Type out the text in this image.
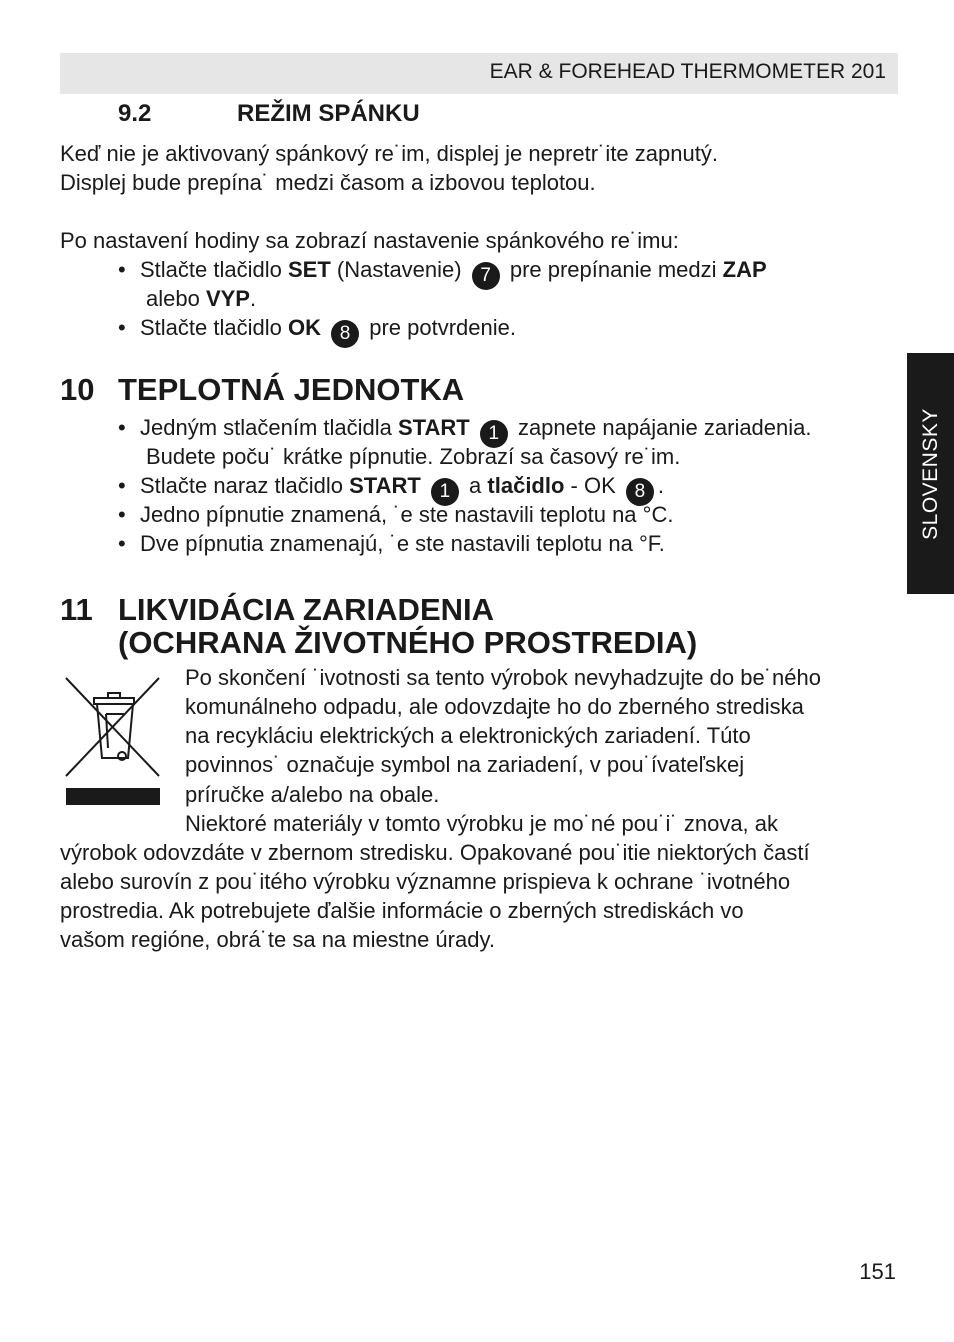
EAR & FOREHEAD THERMOMETER 201
SLOVENSKY
9.2	REŽIM SPÁNKU
Keď nie je aktivovaný spánkový re˙im, displej je nepretr˙ite zapnutý.
Displej bude prepína˙ medzi časom a izbovou teplotou.
Po nastavení hodiny sa zobrazí nastavenie spánkového re˙imu:
• Stlačte tlačidlo SET (Nastavenie) 7 pre prepínanie medzi ZAP
alebo VYP.
• Stlačte tlačidlo OK 8 pre potvrdenie.
10 TEPLOTNÁ JEDNOTKA
• Jedným stlačením tlačidla START 1 zapnete napájanie zariadenia.
Budete poču˙ krátke pípnutie. Zobrazí sa časový re˙im.
• Stlačte naraz tlačidlo START 1 a tlačidlo - OK 8 .
• Jedno pípnutie znamená, ˙e ste nastavili teplotu na °C.
• Dve pípnutia znamenajú, ˙e ste nastavili teplotu na °F.
11 LIKVIDÁCIA ZARIADENIA
(OCHRANA ŽIVOTNÉHO PROSTREDIA)
Po skončení ˙ivotnosti sa tento výrobok nevyhadzujte do be˙ného
komunálneho odpadu, ale odovzdajte ho do zberného strediska
na recykláciu elektrických a elektronických zariadení. Túto
povinnos˙ označuje symbol na zariadení, v pou˙ívateľskej
príručke a/alebo na obale.
Niektoré materiály v tomto výrobku je mo˙né pou˙i˙ znova, ak
výrobok odovzdáte v zbernom stredisku. Opakované pou˙itie niektorých častí
alebo surovín z pou˙itého výrobku významne prispieva k ochrane ˙ivotného
prostredia. Ak potrebujete ďalšie informácie o zberných strediskách vo
vašom regióne, obrá˙te sa na miestne úrady.
151
